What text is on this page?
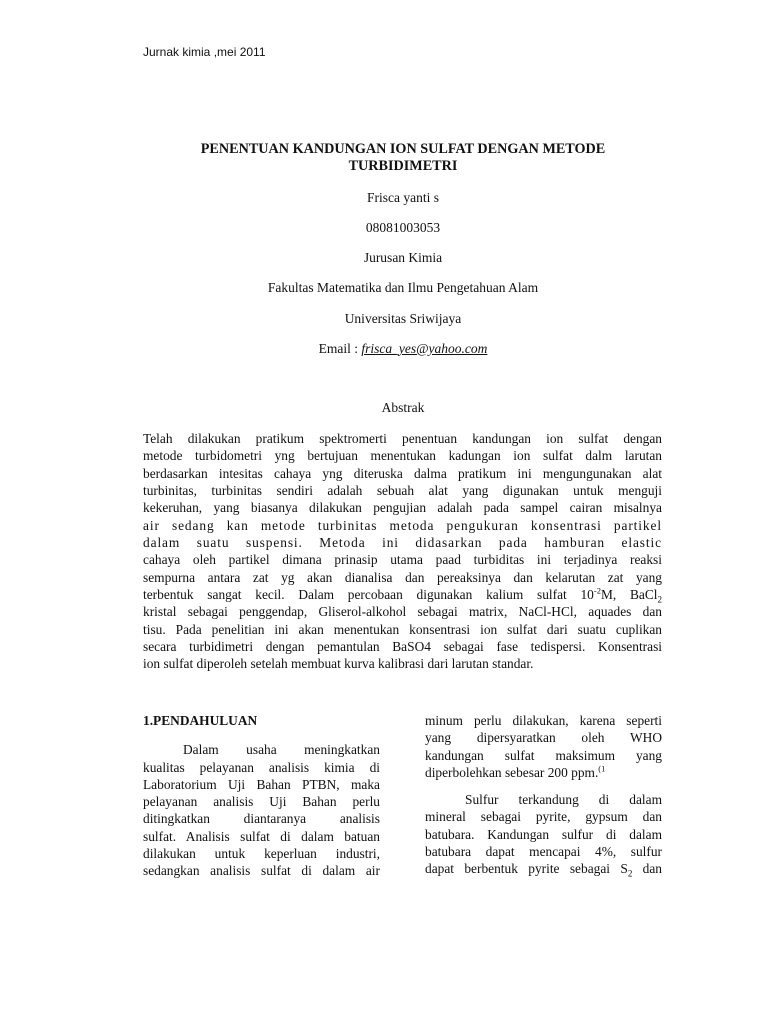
Jurnak kimia ,mei 2011
PENENTUAN KANDUNGAN ION SULFAT DENGAN METODE
TURBIDIMETRI
Frisca yanti s
08081003053
Jurusan Kimia
Fakultas Matematika dan Ilmu Pengetahuan Alam
Universitas Sriwijaya
Email : frisca_yes@yahoo.com
Abstrak
Telah dilakukan pratikum spektromerti penentuan kandungan ion sulfat dengan
metode turbidometri yng bertujuan menentukan kadungan ion sulfat dalm larutan
berdasarkan intesitas cahaya yng diteruska dalma pratikum ini mengungunakan alat
turbinitas, turbinitas sendiri adalah sebuah alat yang digunakan untuk menguji
kekeruhan, yang biasanya dilakukan pengujian adalah pada sampel cairan misalnya
air sedang kan metode turbinitas metoda pengukuran konsentrasi partikel
dalam suatu suspensi. Metoda ini didasarkan pada hamburan elastic
cahaya oleh partikel dimana prinasip utama paad turbiditas ini terjadinya reaksi
sempurna antara zat yg akan dianalisa dan pereaksinya dan kelarutan zat yang
terbentuk sangat kecil. Dalam percobaan digunakan kalium sulfat $10^{-2}M$, BaCl$_2$
kristal sebagai penggendap, Gliserol-alkohol sebagai matrix, NaCl-HCl, aquades dan
tisu. Pada penelitian ini akan menentukan konsentrasi ion sulfat dari suatu cuplikan
secara turbidimetri dengan pemantulan BaSO4 sebagai fase tedispersi. Konsentrasi
ion sulfat diperoleh setelah membuat kurva kalibrasi dari larutan standar.
1.PENDAHULUAN
Dalam usaha meningkatkan
kualitas pelayanan analisis kimia di
Laboratorium Uji Bahan PTBN, maka
pelayanan analisis Uji Bahan perlu
ditingkatkan diantaranya analisis
sulfat. Analisis sulfat di dalam batuan
dilakukan untuk keperluan industri,
sedangkan analisis sulfat di dalam air
minum perlu dilakukan, karena seperti
yang dipersyaratkan oleh WHO
kandungan sulfat maksimum yang
diperbolehkan sebesar 200 ppm.$^{(1}$
Sulfur terkandung di dalam
mineral sebagai pyrite, gypsum dan
batubara. Kandungan sulfur di dalam
batubara dapat mencapai 4%, sulfur
dapat berbentuk pyrite sebagai $S_2$ dan
